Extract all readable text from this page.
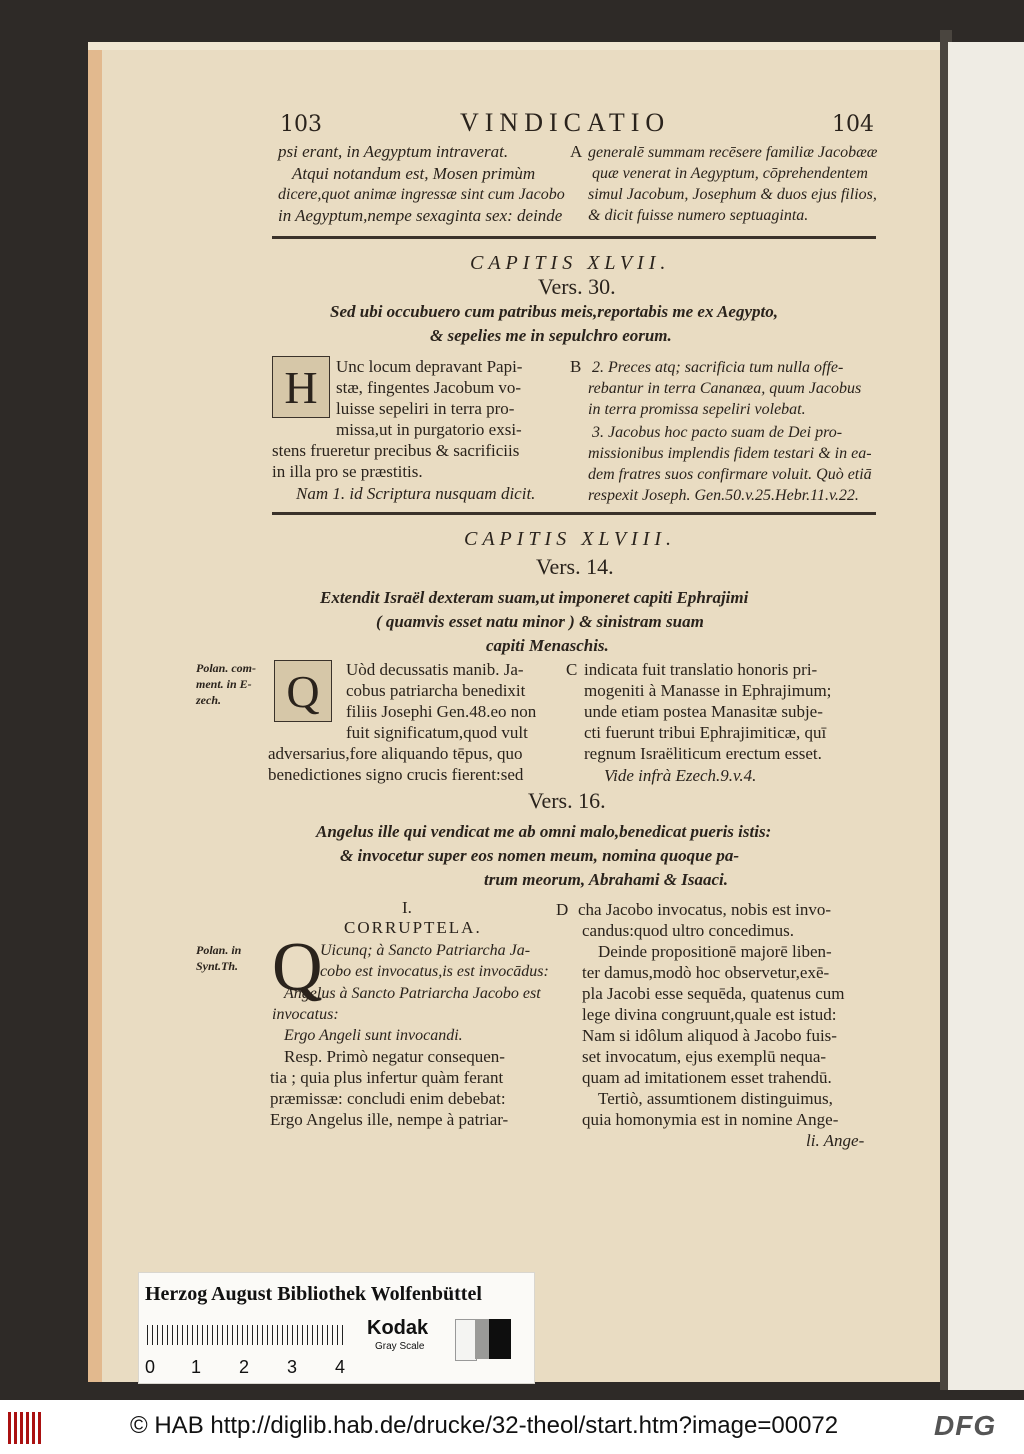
103	VINDICATIO	104
psi erant, in Aegyptum intraverat.
Atqui notandum est, Mosen primùm
dicere,quot animæ ingressæ sint cum Jacobo
in Aegyptum,nempe sexaginta sex: deinde
A generalē summam recēsere familiæ Jacobææ
quæ venerat in Aegyptum, cōprehendentem
simul Jacobum, Josephum & duos ejus filios,
& dicit fuisse numero septuaginta.
CAPITIS XLVII.
Vers. 30.
Sed ubi occubuero cum patribus meis,reportabis me ex Aegypto,
& sepelies me in sepulchro eorum.
H	Unc locum depravant Papi-
stæ, fingentes Jacobum vo-
luisse sepeliri in terra pro-
missa,ut in purgatorio exsi-
stens frueretur precibus & sacrificiis
in illa pro se præstitis.
Nam 1. id Scriptura nusquam dicit.
B 2. Preces atq; sacrificia tum nulla offe-
rebantur in terra Cananæa, quum Jacobus
in terra promissa sepeliri volebat.
3. Jacobus hoc pacto suam de Dei pro-
missionibus implendis fidem testari & in ea-
dem fratres suos confirmare voluit. Quò etiā
respexit Joseph. Gen.50.v.25.Hebr.11.v.22.
CAPITIS XLVIII.
Vers. 14.
Extendit Israël dexteram suam,ut imponeret capiti Ephrajimi
( quamvis esset natu minor ) & sinistram suam
capiti Menaschis.
Polan. com-ment. in E-zech.	Q	Uòd decussatis manib. Ja-
cobus patriarcha benedixit
filiis Josephi Gen.48.eo non
fuit significatum,quod vult
adversarius,fore aliquando tēpus, quo
benedictiones signo crucis fierent:sed
C indicata fuit translatio honoris pri-
mogeniti à Manasse in Ephrajimum;
unde etiam postea Manasitæ subje-
cti fuerunt tribui Ephrajimiticæ, quī
regnum Israëliticum erectum esset.
Vide infrà Ezech.9.v.4.
Vers. 16.
Angelus ille qui vendicat me ab omni malo,benedicat pueris istis:
& invocetur super eos nomen meum, nomina quoque pa-
trum meorum, Abrahami & Isaaci.
I.
CORRUPTELA.
Polan. in Synt.Th. Q
Uicunq; à Sancto Patriarcha Ja-
cobo est invocatus,is est invocādus:
Angelus à Sancto Patriarcha Jacobo est
invocatus:
Ergo Angeli sunt invocandi.
Resp. Primò negatur consequen-
tia ; quia plus infertur quàm ferant
præmissæ: concludi enim debebat:
Ergo Angelus ille, nempe à patriar-
D cha Jacobo invocatus, nobis est invo-
candus:quod ultro concedimus.
Deinde propositionē majorē liben-
ter damus,modò hoc observetur,exē-
pla Jacobi esse sequēda, quatenus cum
lege divina congruunt,quale est istud:
Nam si idôlum aliquod à Jacobo fuis-
set invocatum, ejus exemplū nequa-
quam ad imitationem esset trahendū.
Tertiò, assumtionem distinguimus,
quia homonymia est in nomine Ange-
li. Ange-
Herzog August Bibliothek Wolfenbüttel
0 1 2 3 4
Kodak
Gray Scale
© HAB http://diglib.hab.de/drucke/32-theol/start.htm?image=00072	DFG
